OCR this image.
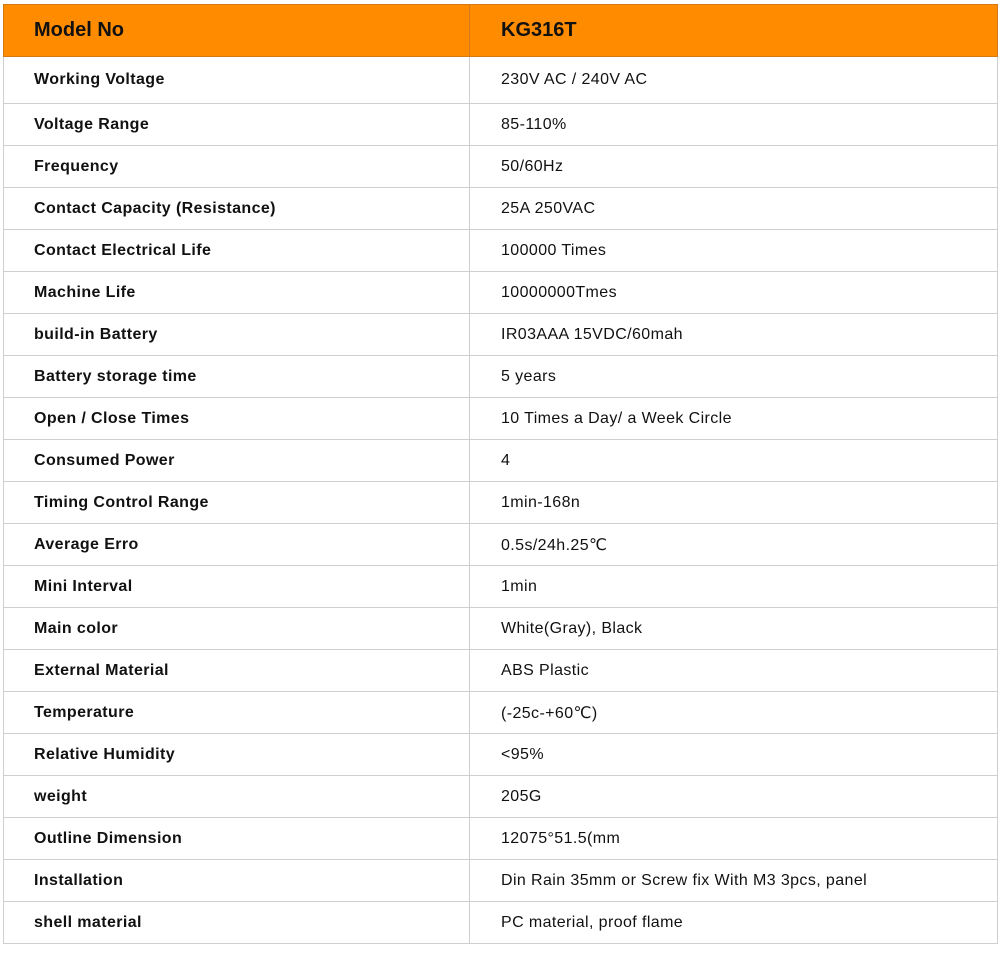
Model No	KG316T
Working Voltage	230V AC / 240V AC
Voltage Range	85-110%
Frequency	50/60Hz
Contact Capacity (Resistance)	25A 250VAC
Contact Electrical Life	100000 Times
Machine Life	10000000Tmes
build-in Battery	IR03AAA 15VDC/60mah
Battery storage time	5 years
Open / Close Times	10 Times a Day/ a Week Circle
Consumed Power	4
Timing Control Range	1min-168n
Average Erro	0.5s/24h.25℃
Mini Interval	1min
Main color	White(Gray), Black
External Material	ABS Plastic
Temperature	(-25c-+60℃)
Relative Humidity	<95%
weight	205G
Outline Dimension	12075°51.5(mm
Installation	Din Rain 35mm or Screw fix With M3 3pcs, panel
shell material	PC material, proof flame
